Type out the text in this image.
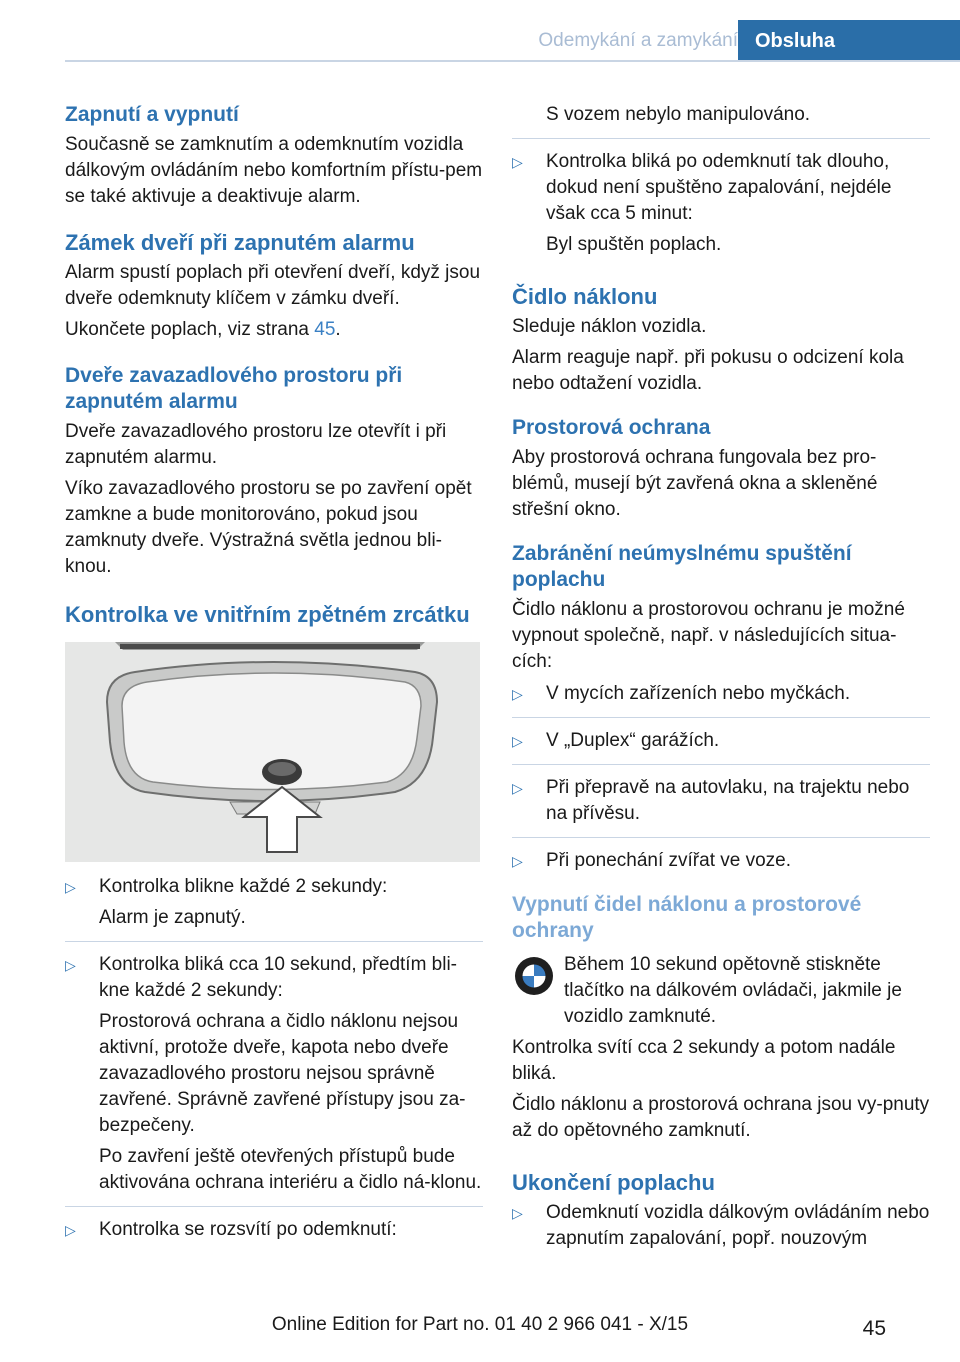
Odemykání a zamykání Obsluha
Zapnutí a vypnutí

Současně se zamknutím a odemknutím vozidla dálkovým ovládáním nebo komfortním přístu‐pem se také aktivuje a deaktivuje alarm.

Zámek dveří při zapnutém alarmu

Alarm spustí poplach při otevření dveří, když jsou dveře odemknuty klíčem v zámku dveří.

Ukončete poplach, viz strana 45.

Dveře zavazadlového prostoru při zapnutém alarmu

Dveře zavazadlového prostoru lze otevřít i při zapnutém alarmu.

Víko zavazadlového prostoru se po zavření opět zamkne a bude monitorováno, pokud jsou zamknuty dveře. Výstražná světla jednou bli‐knou.

Kontrolka ve vnitřním zpětném zrcátku
▷ Kontrolka blikne každé 2 sekundy:
Alarm je zapnutý.
▷ Kontrolka bliká cca 10 sekund, předtím bli‐kne každé 2 sekundy:
Prostorová ochrana a čidlo náklonu nejsou aktivní, protože dveře, kapota nebo dveře zavazadlového prostoru nejsou správně zavřené. Správně zavřené přístupy jsou za‐bezpečeny.
Po zavření ještě otevřených přístupů bude aktivována ochrana interiéru a čidlo ná‐klonu.
▷ Kontrolka se rozsvítí po odemknutí:
S vozem nebylo manipulováno.
▷ Kontrolka bliká po odemknutí tak dlouho, dokud není spuštěno zapalování, nejdéle však cca 5 minut:
Byl spuštěn poplach.
Čidlo náklonu

Sleduje náklon vozidla.

Alarm reaguje např. při pokusu o odcizení kola nebo odtažení vozidla.

Prostorová ochrana

Aby prostorová ochrana fungovala bez pro‐blémů, musejí být zavřená okna a skleněné střešní okno.

Zabránění neúmyslnému spuštění poplachu

Čidlo náklonu a prostorovou ochranu je možné vypnout společně, např. v následujících situa‐cích:

▷ V mycích zařízeních nebo myčkách.
▷ V „Duplex“ garážích.
▷ Při přepravě na autovlaku, na trajektu nebo na přívěsu.
▷ Při ponechání zvířat ve voze.
Vypnutí čidel náklonu a prostorové ochrany

Během 10 sekund opětovně stiskněte tlačítko na dálkovém ovládači, jakmile je vozidlo zamknuté.

Kontrolka svítí cca 2 sekundy a potom nadále bliká.

Čidlo náklonu a prostorová ochrana jsou vy‐pnuty až do opětovného zamknutí.

Ukončení poplachu
▷ Odemknutí vozidla dálkovým ovládáním nebo zapnutím zapalování, popř. nouzovým
Online Edition for Part no. 01 40 2 966 041 - X/15	45
